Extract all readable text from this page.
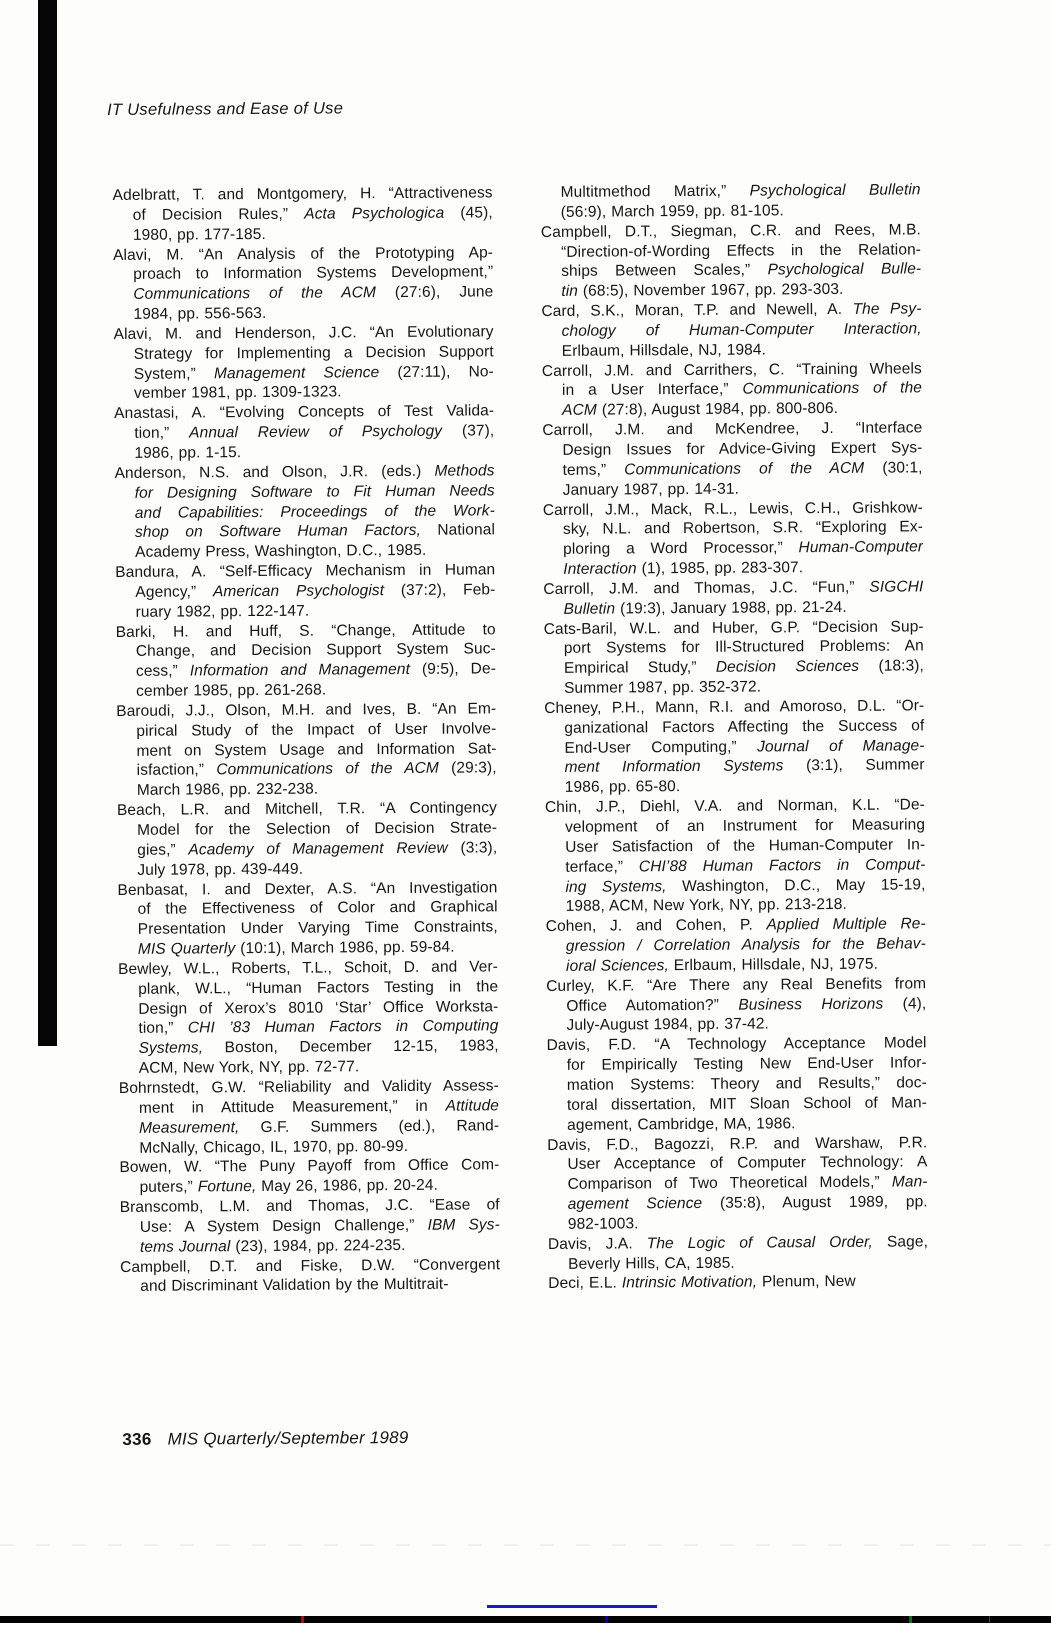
IT Usefulness and Ease of Use
Adelbratt, T. and Montgomery, H. “Attractiveness
of Decision Rules,” Acta Psychologica (45),
1980, pp. 177-185.
Alavi, M. “An Analysis of the Prototyping Ap-
proach to Information Systems Development,”
Communications of the ACM (27:6), June
1984, pp. 556-563.
Alavi, M. and Henderson, J.C. “An Evolutionary
Strategy for Implementing a Decision Support
System,” Management Science (27:11), No-
vember 1981, pp. 1309-1323.
Anastasi, A. “Evolving Concepts of Test Valida-
tion,” Annual Review of Psychology (37),
1986, pp. 1-15.
Anderson, N.S. and Olson, J.R. (eds.) Methods
for Designing Software to Fit Human Needs
and Capabilities: Proceedings of the Work-
shop on Software Human Factors, National
Academy Press, Washington, D.C., 1985.
Bandura, A. “Self-Efficacy Mechanism in Human
Agency,” American Psychologist (37:2), Feb-
ruary 1982, pp. 122-147.
Barki, H. and Huff, S. “Change, Attitude to
Change, and Decision Support System Suc-
cess,” Information and Management (9:5), De-
cember 1985, pp. 261-268.
Baroudi, J.J., Olson, M.H. and Ives, B. “An Em-
pirical Study of the Impact of User Involve-
ment on System Usage and Information Sat-
isfaction,” Communications of the ACM (29:3),
March 1986, pp. 232-238.
Beach, L.R. and Mitchell, T.R. “A Contingency
Model for the Selection of Decision Strate-
gies,” Academy of Management Review (3:3),
July 1978, pp. 439-449.
Benbasat, I. and Dexter, A.S. “An Investigation
of the Effectiveness of Color and Graphical
Presentation Under Varying Time Constraints,
MIS Quarterly (10:1), March 1986, pp. 59-84.
Bewley, W.L., Roberts, T.L., Schoit, D. and Ver-
plank, W.L., “Human Factors Testing in the
Design of Xerox’s 8010 ‘Star’ Office Worksta-
tion,” CHI ’83 Human Factors in Computing
Systems, Boston, December 12-15, 1983,
ACM, New York, NY, pp. 72-77.
Bohrnstedt, G.W. “Reliability and Validity Assess-
ment in Attitude Measurement,” in Attitude
Measurement, G.F. Summers (ed.), Rand-
McNally, Chicago, IL, 1970, pp. 80-99.
Bowen, W. “The Puny Payoff from Office Com-
puters,” Fortune, May 26, 1986, pp. 20-24.
Branscomb, L.M. and Thomas, J.C. “Ease of
Use: A System Design Challenge,” IBM Sys-
tems Journal (23), 1984, pp. 224-235.
Campbell, D.T. and Fiske, D.W. “Convergent
and Discriminant Validation by the Multitrait-
Multitmethod Matrix,” Psychological Bulletin
(56:9), March 1959, pp. 81-105.
Campbell, D.T., Siegman, C.R. and Rees, M.B.
“Direction-of-Wording Effects in the Relation-
ships Between Scales,” Psychological Bulle-
tin (68:5), November 1967, pp. 293-303.
Card, S.K., Moran, T.P. and Newell, A. The Psy-
chology of Human-Computer Interaction,
Erlbaum, Hillsdale, NJ, 1984.
Carroll, J.M. and Carrithers, C. “Training Wheels
in a User Interface,” Communications of the
ACM (27:8), August 1984, pp. 800-806.
Carroll, J.M. and McKendree, J. “Interface
Design Issues for Advice-Giving Expert Sys-
tems,” Communications of the ACM (30:1,
January 1987, pp. 14-31.
Carroll, J.M., Mack, R.L., Lewis, C.H., Grishkow-
sky, N.L. and Robertson, S.R. “Exploring Ex-
ploring a Word Processor,” Human-Computer
Interaction (1), 1985, pp. 283-307.
Carroll, J.M. and Thomas, J.C. “Fun,” SIGCHI
Bulletin (19:3), January 1988, pp. 21-24.
Cats-Baril, W.L. and Huber, G.P. “Decision Sup-
port Systems for Ill-Structured Problems: An
Empirical Study,” Decision Sciences (18:3),
Summer 1987, pp. 352-372.
Cheney, P.H., Mann, R.I. and Amoroso, D.L. “Or-
ganizational Factors Affecting the Success of
End-User Computing,” Journal of Manage-
ment Information Systems (3:1), Summer
1986, pp. 65-80.
Chin, J.P., Diehl, V.A. and Norman, K.L. “De-
velopment of an Instrument for Measuring
User Satisfaction of the Human-Computer In-
terface,” CHI’88 Human Factors in Comput-
ing Systems, Washington, D.C., May 15-19,
1988, ACM, New York, NY, pp. 213-218.
Cohen, J. and Cohen, P. Applied Multiple Re-
gression / Correlation Analysis for the Behav-
ioral Sciences, Erlbaum, Hillsdale, NJ, 1975.
Curley, K.F. “Are There any Real Benefits from
Office Automation?” Business Horizons (4),
July-August 1984, pp. 37-42.
Davis, F.D. “A Technology Acceptance Model
for Empirically Testing New End-User Infor-
mation Systems: Theory and Results,” doc-
toral dissertation, MIT Sloan School of Man-
agement, Cambridge, MA, 1986.
Davis, F.D., Bagozzi, R.P. and Warshaw, P.R.
User Acceptance of Computer Technology: A
Comparison of Two Theoretical Models,” Man-
agement Science (35:8), August 1989, pp.
982-1003.
Davis, J.A. The Logic of Causal Order, Sage,
Beverly Hills, CA, 1985.
Deci, E.L. Intrinsic Motivation, Plenum, New
336 MIS Quarterly/September 1989
